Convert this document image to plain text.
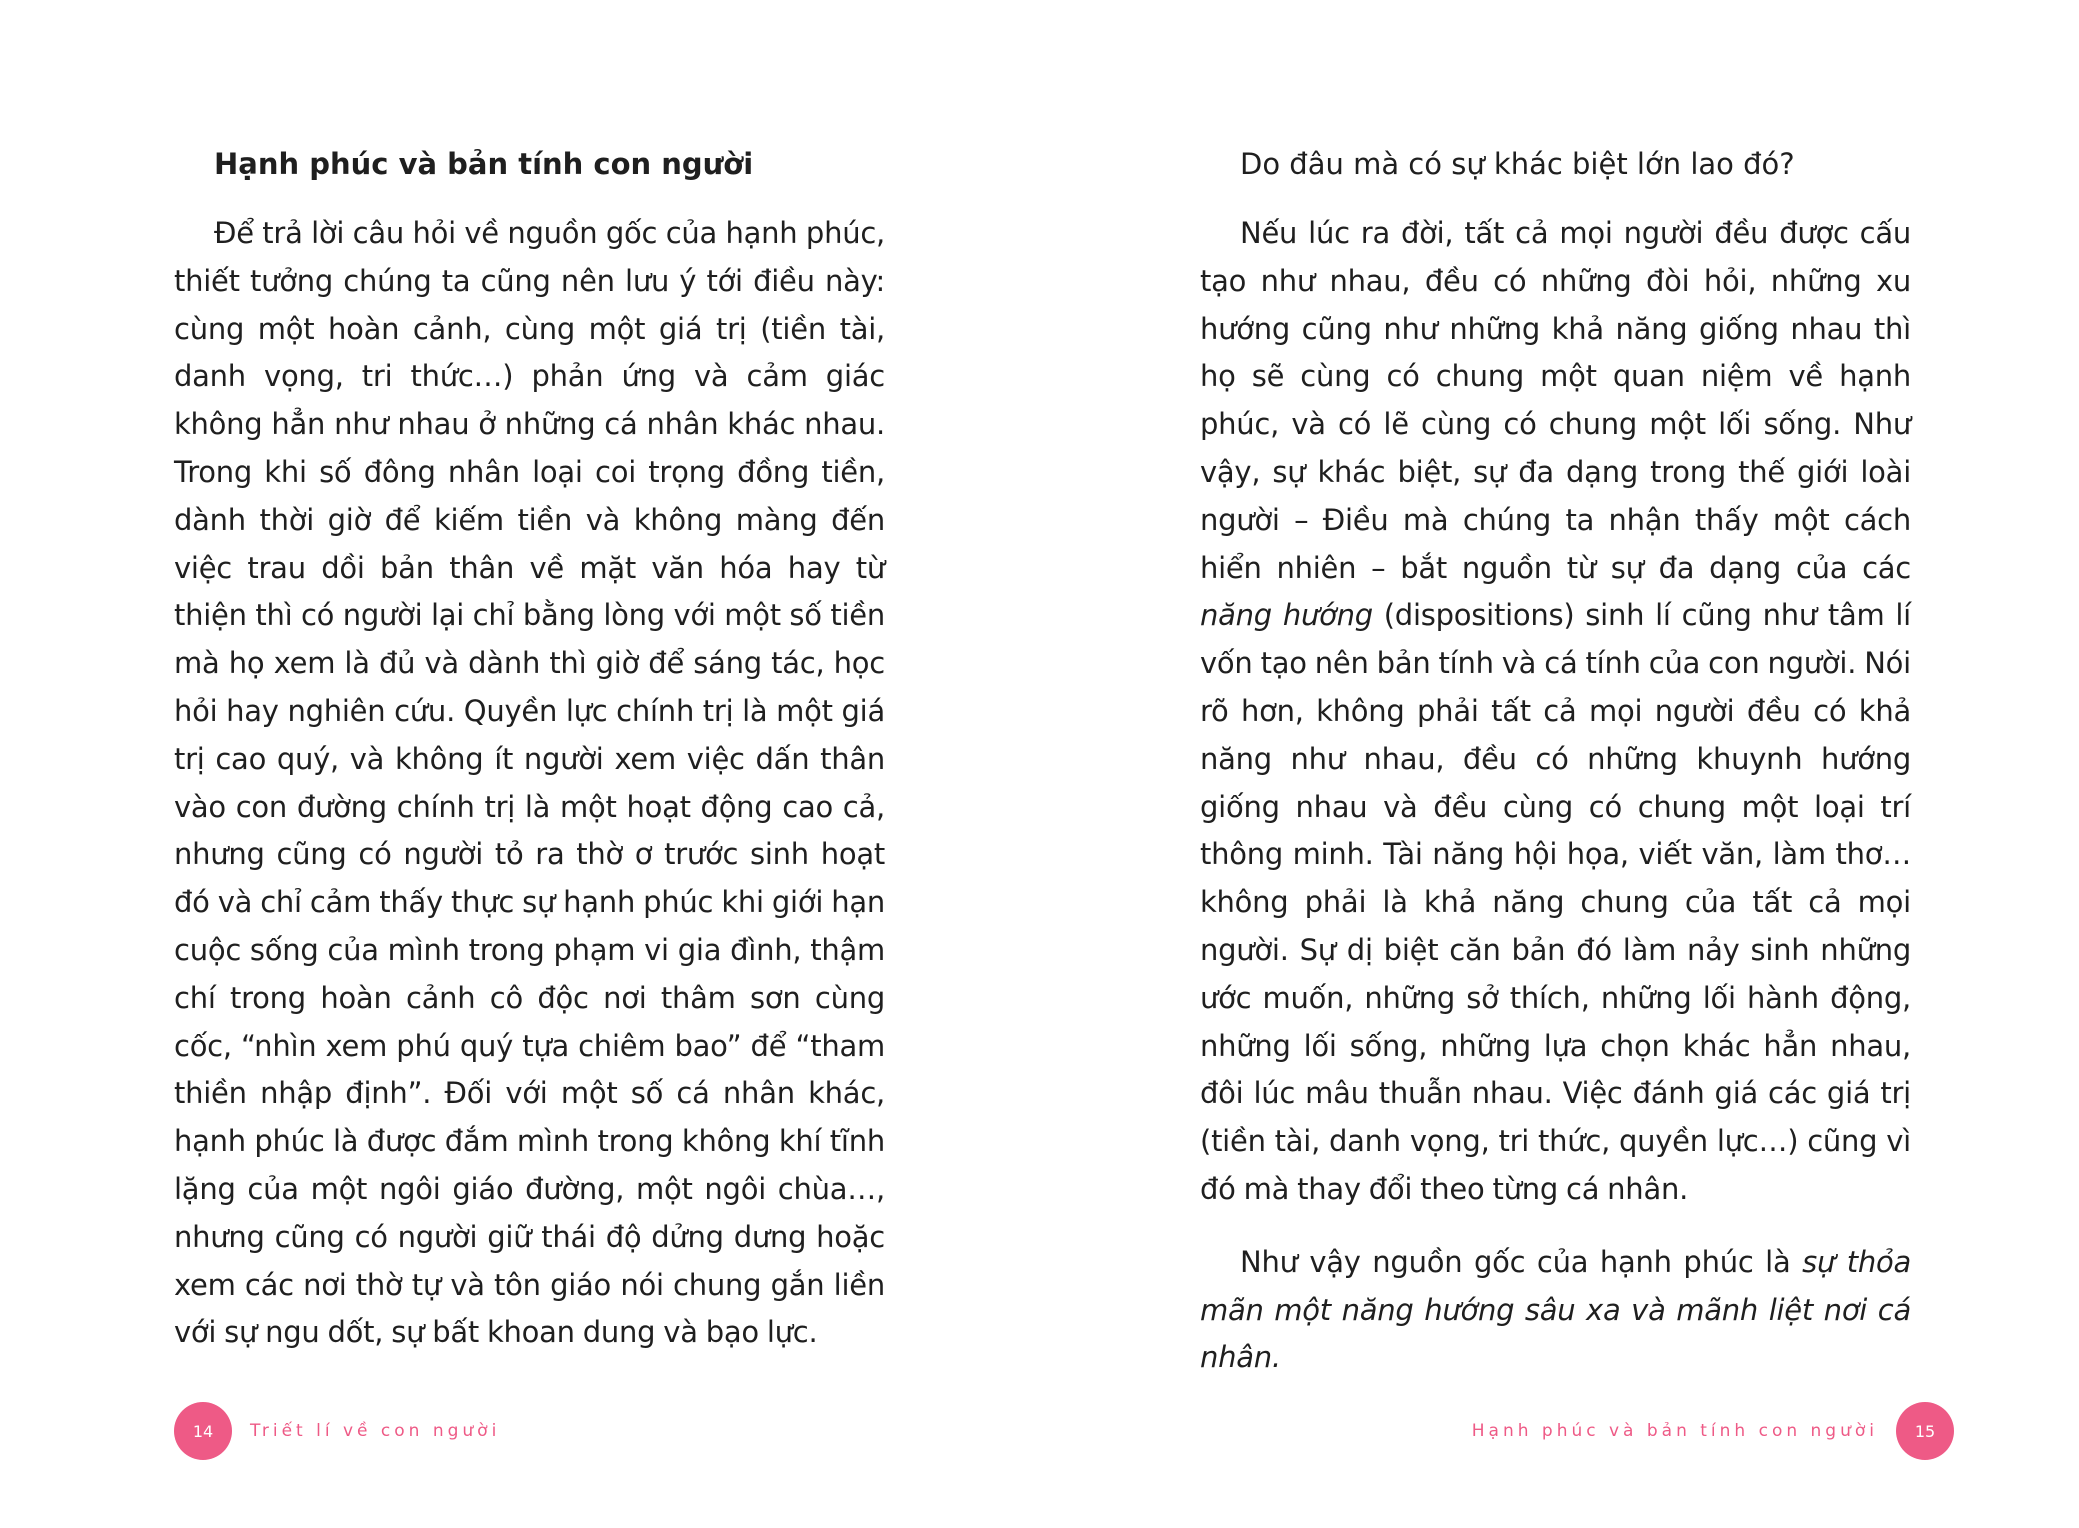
Hạnh phúc và bản tính con người

Để trả lời câu hỏi về nguồn gốc của hạnh phúc, thiết tưởng chúng ta cũng nên lưu ý tới điều này: cùng một hoàn cảnh, cùng một giá trị (tiền tài, danh vọng, tri thức…) phản ứng và cảm giác không hẳn như nhau ở những cá nhân khác nhau. Trong khi số đông nhân loại coi trọng đồng tiền, dành thời giờ để kiếm tiền và không màng đến việc trau dồi bản thân về mặt văn hóa hay từ thiện thì có người lại chỉ bằng lòng với một số tiền mà họ xem là đủ và dành thì giờ để sáng tác, học hỏi hay nghiên cứu. Quyền lực chính trị là một giá trị cao quý, và không ít người xem việc dấn thân vào con đường chính trị là một hoạt động cao cả, nhưng cũng có người tỏ ra thờ ơ trước sinh hoạt đó và chỉ cảm thấy thực sự hạnh phúc khi giới hạn cuộc sống của mình trong phạm vi gia đình, thậm chí trong hoàn cảnh cô độc nơi thâm sơn cùng cốc, “nhìn xem phú quý tựa chiêm bao” để “tham thiền nhập định”. Đối với một số cá nhân khác, hạnh phúc là được đắm mình trong không khí tĩnh lặng của một ngôi giáo đường, một ngôi chùa…, nhưng cũng có người giữ thái độ dửng dưng hoặc xem các nơi thờ tự và tôn giáo nói chung gắn liền với sự ngu dốt, sự bất khoan dung và bạo lực.

14	Triết lí về con người
Do đâu mà có sự khác biệt lớn lao đó?

Nếu lúc ra đời, tất cả mọi người đều được cấu tạo như nhau, đều có những đòi hỏi, những xu hướng cũng như những khả năng giống nhau thì họ sẽ cùng có chung một quan niệm về hạnh phúc, và có lẽ cùng có chung một lối sống. Như vậy, sự khác biệt, sự đa dạng trong thế giới loài người – Điều mà chúng ta nhận thấy một cách hiển nhiên – bắt nguồn từ sự đa dạng của các năng hướng (dispositions) sinh lí cũng như tâm lí vốn tạo nên bản tính và cá tính của con người. Nói rõ hơn, không phải tất cả mọi người đều có khả năng như nhau, đều có những khuynh hướng giống nhau và đều cùng có chung một loại trí thông minh. Tài năng hội họa, viết văn, làm thơ… không phải là khả năng chung của tất cả mọi người. Sự dị biệt căn bản đó làm nảy sinh những ước muốn, những sở thích, những lối hành động, những lối sống, những lựa chọn khác hẳn nhau, đôi lúc mâu thuẫn nhau. Việc đánh giá các giá trị (tiền tài, danh vọng, tri thức, quyền lực…) cũng vì đó mà thay đổi theo từng cá nhân.

Như vậy nguồn gốc của hạnh phúc là sự thỏa mãn một năng hướng sâu xa và mãnh liệt nơi cá nhân.

Hạnh phúc và bản tính con người	15
